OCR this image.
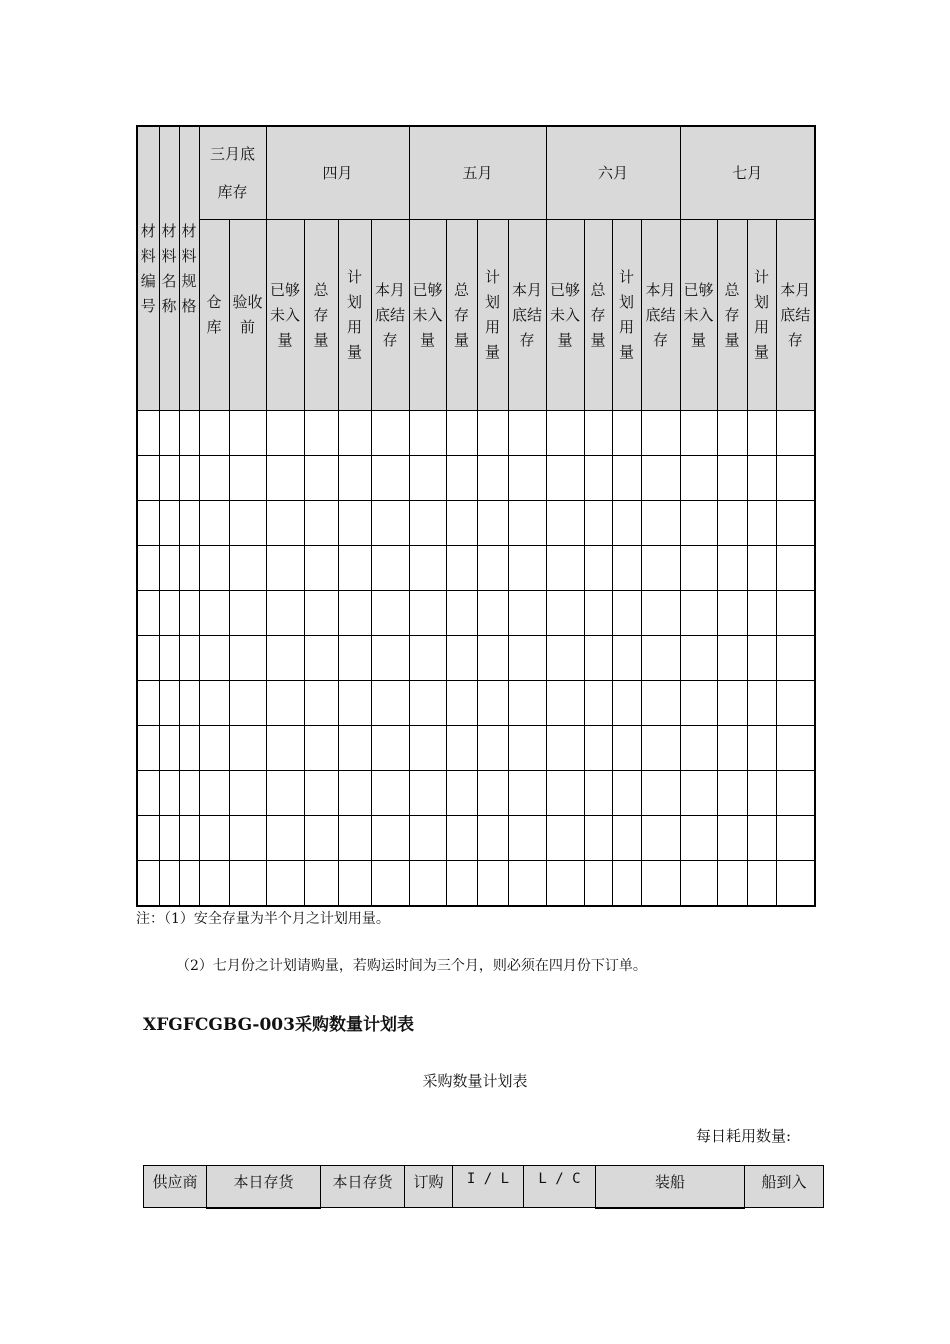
材料编号	材料名称	材料规格	三月底库存		四月				五月				六月				七月			
			仓库	验收前	已够未入量	总存量	计划用量	本月底结存	已够未入量	总存量	计划用量	本月底结存	已够未入量	总存量	计划用量	本月底结存	已够未入量	总存量	计划用量	本月底结存

注：（1）安全存量为半个月之计划用量。
（2）七月份之计划请购量，若购运时间为三个月，则必须在四月份下订单。
XFGFCGBG-003采购数量计划表
采购数量计划表
每日耗用数量:
供应商	本日存货	本日存货	订购	I / L	L / C	装船	船到入
